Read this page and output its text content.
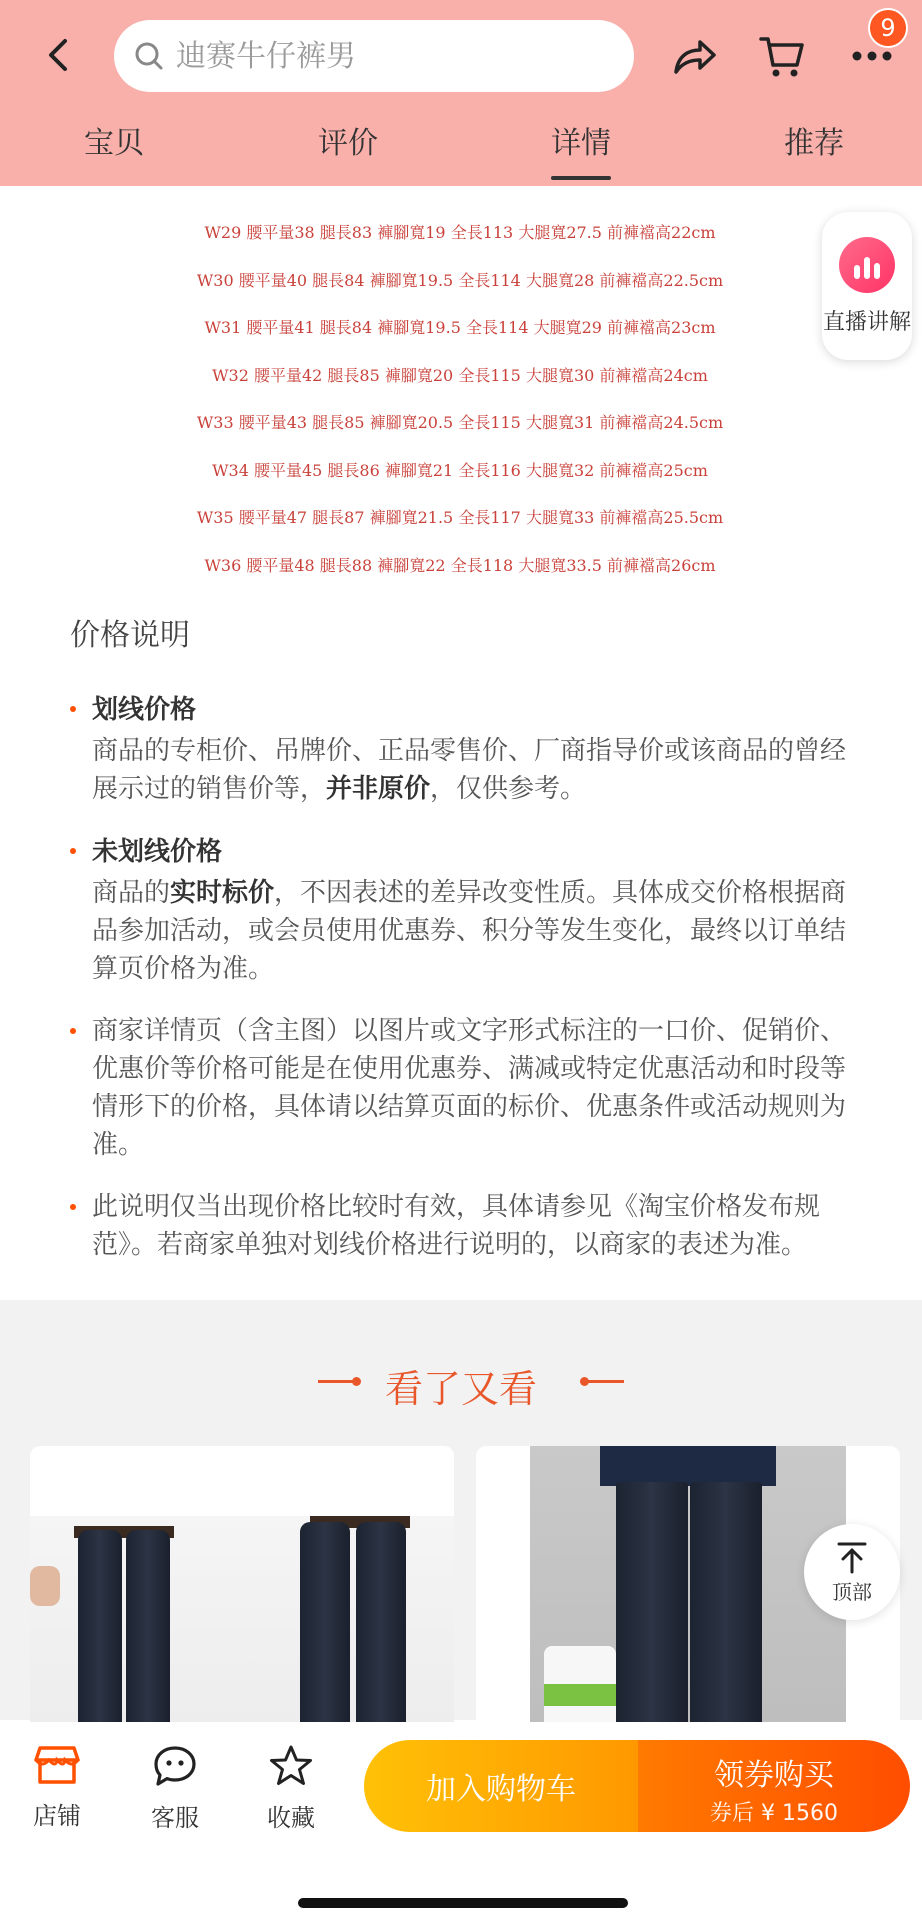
迪赛牛仔裤男
9
宝贝	评价	详情	推荐
W29 腰平量38 腿長83 褲腳寬19 全長113 大腿寬27.5 前褲襠高22cm
W30 腰平量40 腿長84 褲腳寬19.5 全長114 大腿寬28 前褲襠高22.5cm
W31 腰平量41 腿長84 褲腳寬19.5 全長114 大腿寬29 前褲襠高23cm
W32 腰平量42 腿長85 褲腳寬20 全長115 大腿寬30 前褲襠高24cm
W33 腰平量43 腿長85 褲腳寬20.5 全長115 大腿寬31 前褲襠高24.5cm
W34 腰平量45 腿長86 褲腳寬21 全長116 大腿寬32 前褲襠高25cm
W35 腰平量47 腿長87 褲腳寬21.5 全長117 大腿寬33 前褲襠高25.5cm
W36 腰平量48 腿長88 褲腳寬22 全長118 大腿寬33.5 前褲襠高26cm
直播讲解
价格说明
划线价格
商品的专柜价、吊牌价、正品零售价、厂商指导价或该商品的曾经展示过的销售价等，并非原价，仅供参考。
未划线价格
商品的实时标价，不因表述的差异改变性质。具体成交价格根据商品参加活动，或会员使用优惠券、积分等发生变化，最终以订单结算页价格为准。
商家详情页（含主图）以图片或文字形式标注的一口价、促销价、优惠价等价格可能是在使用优惠券、满减或特定优惠活动和时段等情形下的价格，具体请以结算页面的标价、优惠条件或活动规则为准。
此说明仅当出现价格比较时有效，具体请参见《淘宝价格发布规范》。若商家单独对划线价格进行说明的，以商家的表述为准。
看了又看
顶部
店铺	客服	收藏
加入购物车	领券购买
券后 ¥ 1560
